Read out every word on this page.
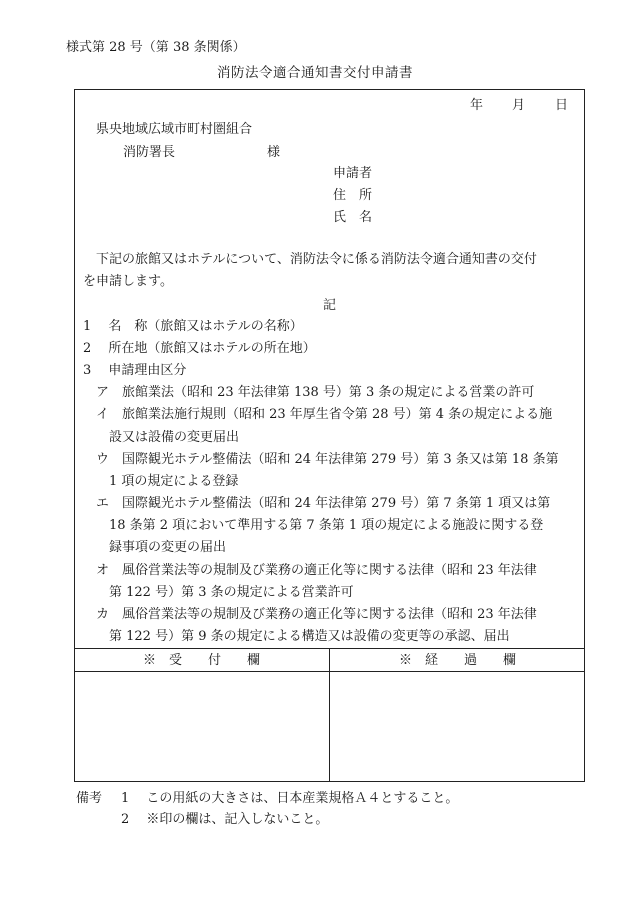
様式第 28 号（第 38 条関係）
消防法令適合通知書交付申請書
年 月 日
県央地域広域市町村圏組合
消防署長	様
申請者
住　所
氏　名
下記の旅館又はホテルについて、消防法令に係る消防法令適合通知書の交付
を申請します。
記
1　 名　称（旅館又はホテルの名称）
2　 所在地（旅館又はホテルの所在地）
3　 申請理由区分
ア　旅館業法（昭和 23 年法律第 138 号）第 3 条の規定による営業の許可
イ　旅館業法施行規則（昭和 23 年厚生省令第 28 号）第 4 条の規定による施
設又は設備の変更届出
ウ　国際観光ホテル整備法（昭和 24 年法律第 279 号）第 3 条又は第 18 条第
1 項の規定による登録
エ　国際観光ホテル整備法（昭和 24 年法律第 279 号）第 7 条第 1 項又は第
18 条第 2 項において準用する第 7 条第 1 項の規定による施設に関する登
録事項の変更の届出
オ　風俗営業法等の規制及び業務の適正化等に関する法律（昭和 23 年法律
第 122 号）第 3 条の規定による営業許可
カ　風俗営業法等の規制及び業務の適正化等に関する法律（昭和 23 年法律
第 122 号）第 9 条の規定による構造又は設備の変更等の承認、届出
※　受　　付　　欄	※　経　　過　　欄
備考 1　 この用紙の大きさは、日本産業規格Ａ４とすること。
2　 ※印の欄は、記入しないこと。
